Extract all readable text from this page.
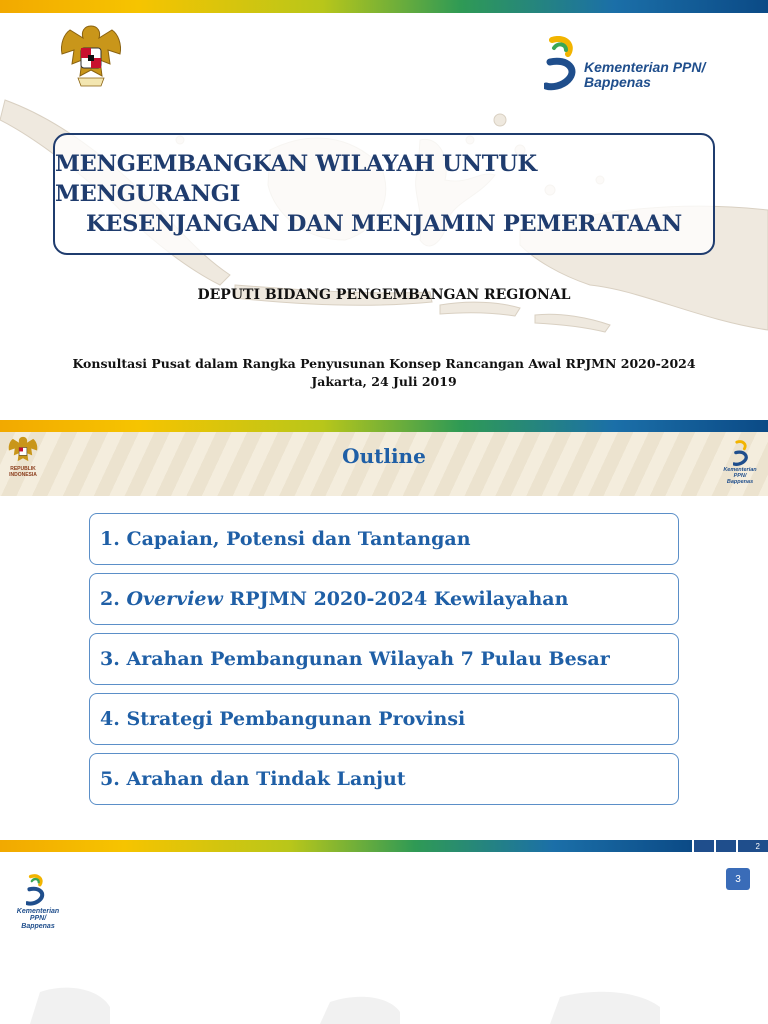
Kementerian PPN/
Bappenas
MENGEMBANGKAN WILAYAH UNTUK MENGURANGI
KESENJANGAN DAN MENJAMIN PEMERATAAN
DEPUTI BIDANG PENGEMBANGAN REGIONAL
Konsultasi Pusat dalam Rangka Penyusunan Konsep Rancangan Awal RPJMN 2020-2024
Jakarta, 24 Juli 2019
REPUBLIK
INDONESIA
Outline
Kementerian PPN/
Bappenas
1.
Capaian, Potensi dan Tantangan
2.
Overview
RPJMN 2020-2024 Kewilayahan
3.
Arahan Pembangunan Wilayah 7 Pulau Besar
4.
Strategi Pembangunan Provinsi
5.
Arahan dan Tindak Lanjut
2
Kementerian PPN/
Bappenas
3
